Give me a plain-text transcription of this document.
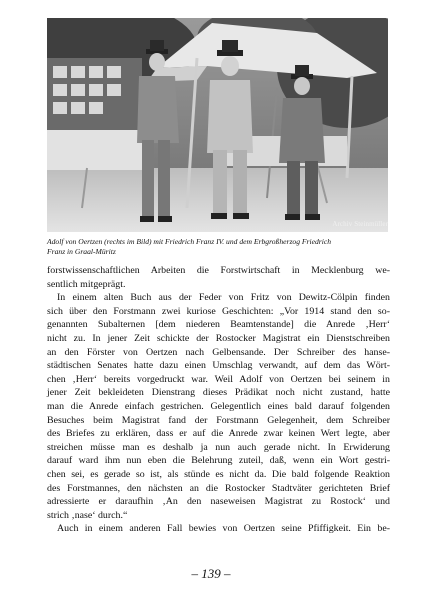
Archiv Steinmüller
Adolf von Oertzen (rechts im Bild) mit Friedrich Franz IV. und dem Erbgroßherzog Friedrich
Franz in Graal-Müritz
forstwissenschaftlichen Arbeiten die Forstwirtschaft in Mecklenburg we-
sentlich mitgeprägt.
In einem alten Buch aus der Feder von Fritz von Dewitz-Cölpin finden
sich über den Forstmann zwei kuriose Geschichten: „Vor 1914 stand den so-
genannten Subalternen [dem niederen Beamtenstande] die Anrede ‚Herr‘
nicht zu. In jener Zeit schickte der Rostocker Magistrat ein Dienstschreiben
an den Förster von Oertzen nach Gelbensande. Der Schreiber des hanse-
städtischen Senates hatte dazu einen Umschlag verwandt, auf dem das Wört-
chen ‚Herr‘ bereits vorgedruckt war. Weil Adolf von Oertzen bei seinem in
jener Zeit bekleideten Dienstrang dieses Prädikat noch nicht zustand, hatte
man die Anrede einfach gestrichen. Gelegentlich eines bald darauf folgenden
Besuches beim Magistrat fand der Forstmann Gelegenheit, dem Schreiber
des Briefes zu erklären, dass er auf die Anrede zwar keinen Wert legte, aber
streichen müsse man es deshalb ja nun auch gerade nicht. In Erwiderung
darauf ward ihm nun eben die Belehrung zuteil, daß, wenn ein Wort gestri-
chen sei, es gerade so ist, als stünde es nicht da. Die bald folgende Reaktion
des Forstmannes, den nächsten an die Rostocker Stadtväter gerichteten Brief
adressierte er daraufhin ‚An den naseweisen Magistrat zu Rostock‘ und
strich ‚nase‘ durch.“
Auch in einem anderen Fall bewies von Oertzen seine Pfiffigkeit. Ein be-
– 139 –
